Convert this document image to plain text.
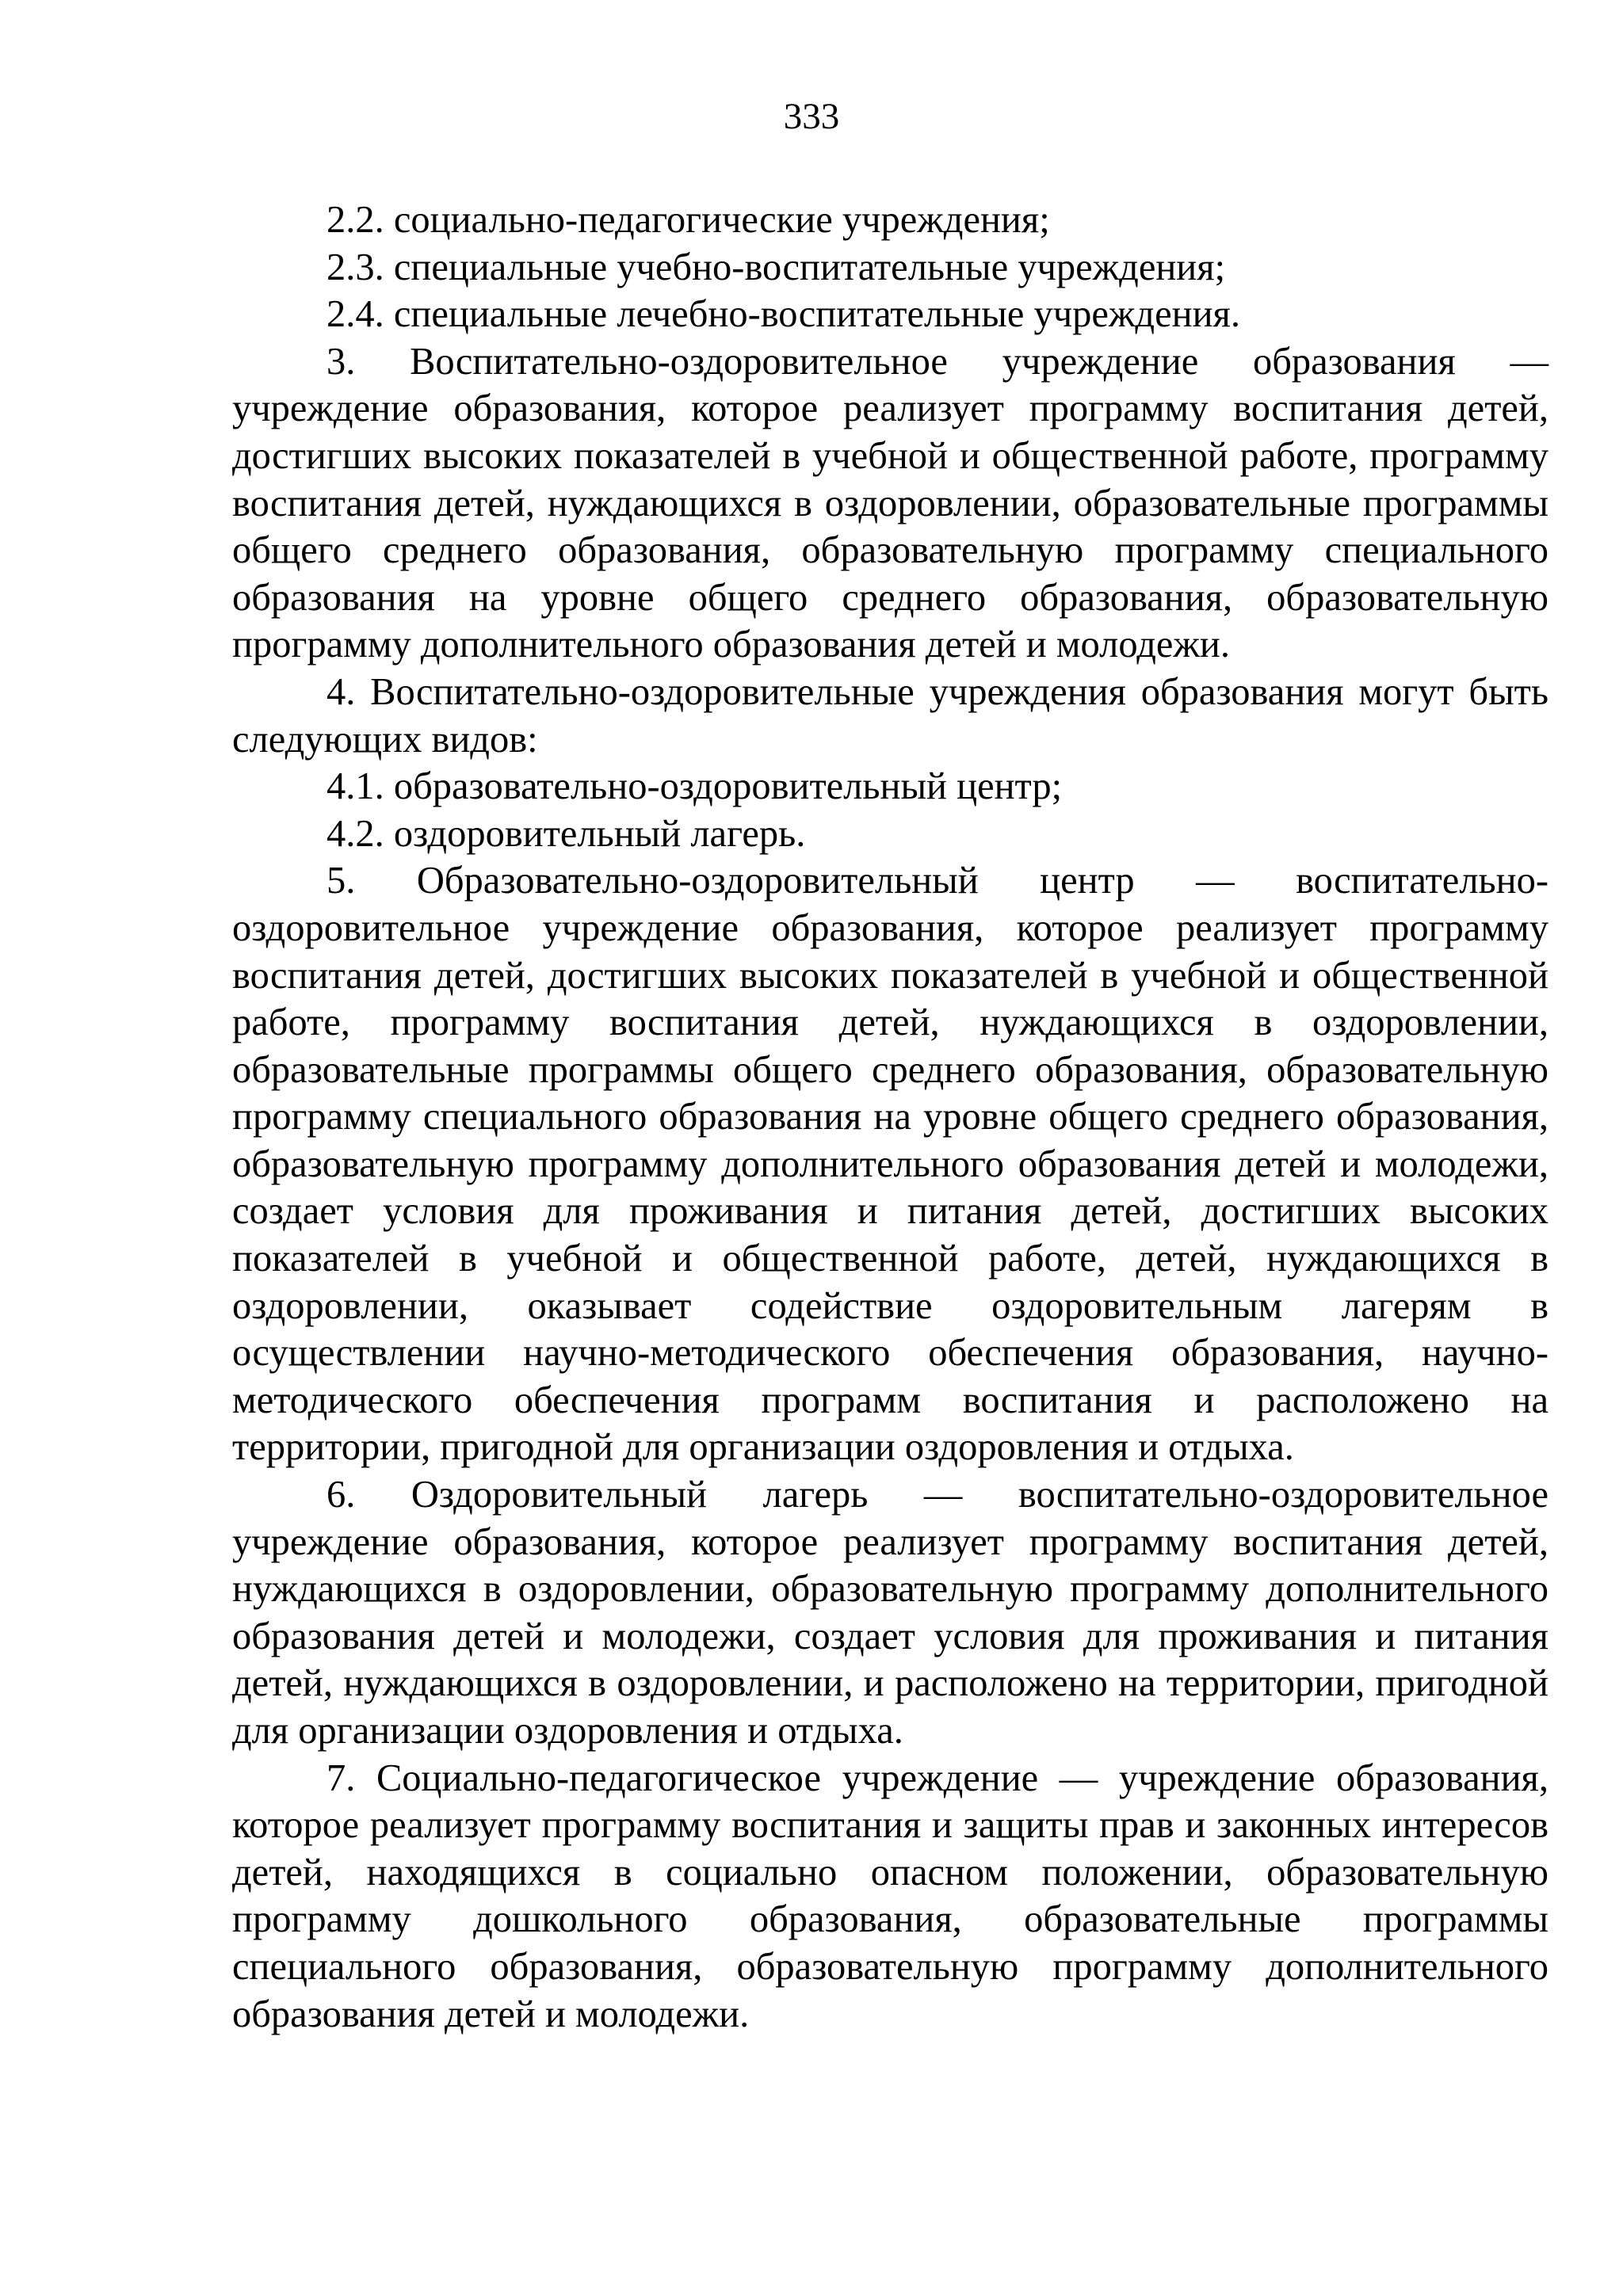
333

2.2. социально-педагогические учреждения;

2.3. специальные учебно-воспитательные учреждения;

2.4. специальные лечебно-воспитательные учреждения.

3. Воспитательно-оздоровительное учреждение образования — учреждение образования, которое реализует программу воспитания детей, достигших высоких показателей в учебной и общественной работе, программу воспитания детей, нуждающихся в оздоровлении, образовательные программы общего среднего образования, образовательную программу специального образования на уровне общего среднего образования, образовательную программу дополнительного образования детей и молодежи.

4. Воспитательно-оздоровительные учреждения образования могут быть следующих видов:

4.1. образовательно-оздоровительный центр;

4.2. оздоровительный лагерь.

5. Образовательно-оздоровительный центр — воспитательно-оздоровительное учреждение образования, которое реализует программу воспитания детей, достигших высоких показателей в учебной и общественной работе, программу воспитания детей, нуждающихся в оздоровлении, образовательные программы общего среднего образования, образовательную программу специального образования на уровне общего среднего образования, образовательную программу дополнительного образования детей и молодежи, создает условия для проживания и питания детей, достигших высоких показателей в учебной и общественной работе, детей, нуждающихся в оздоровлении, оказывает содействие оздоровительным лагерям в осуществлении научно-методического обеспечения образования, научно-методического обеспечения программ воспитания и расположено на территории, пригодной для организации оздоровления и отдыха.

6. Оздоровительный лагерь — воспитательно-оздоровительное учреждение образования, которое реализует программу воспитания детей, нуждающихся в оздоровлении, образовательную программу дополнительного образования детей и молодежи, создает условия для проживания и питания детей, нуждающихся в оздоровлении, и расположено на территории, пригодной для организации оздоровления и отдыха.

7. Социально-педагогическое учреждение — учреждение образования, которое реализует программу воспитания и защиты прав и законных интересов детей, находящихся в социально опасном положении, образовательную программу дошкольного образования, образовательные программы специального образования, образовательную программу дополнительного образования детей и молодежи.
